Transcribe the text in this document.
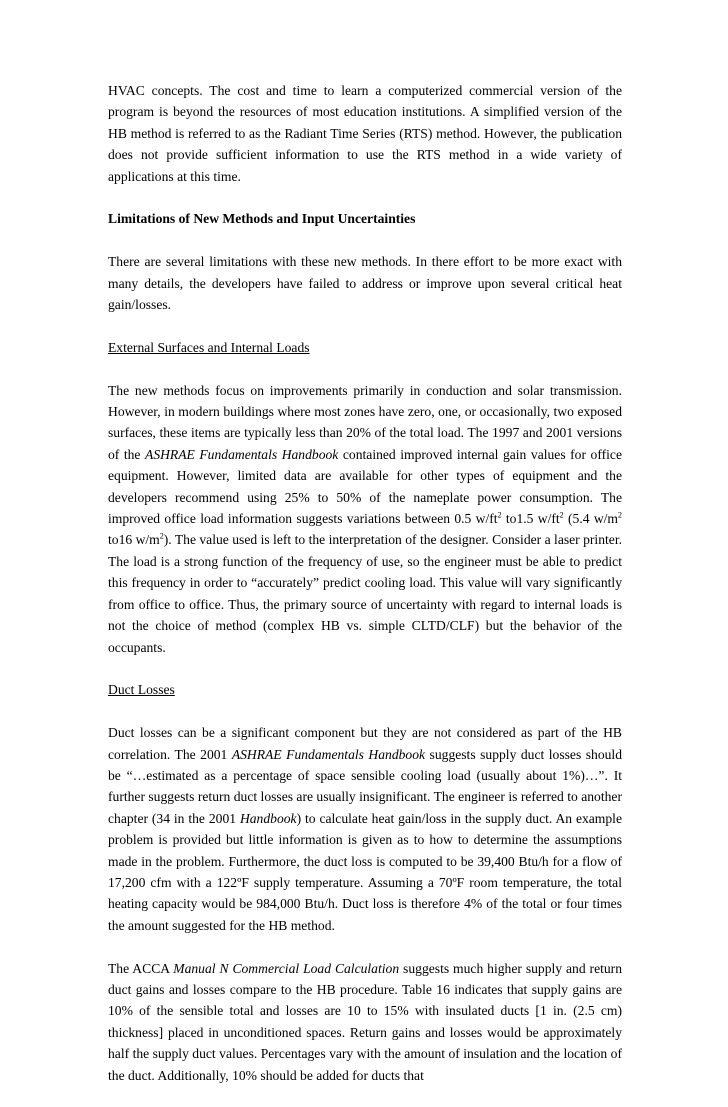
HVAC concepts. The cost and time to learn a computerized commercial version of the program is beyond the resources of most education institutions. A simplified version of the HB method is referred to as the Radiant Time Series (RTS) method. However, the publication does not provide sufficient information to use the RTS method in a wide variety of applications at this time.

Limitations of New Methods and Input Uncertainties

There are several limitations with these new methods. In there effort to be more exact with many details, the developers have failed to address or improve upon several critical heat gain/losses.

External Surfaces and Internal Loads

The new methods focus on improvements primarily in conduction and solar transmission. However, in modern buildings where most zones have zero, one, or occasionally, two exposed surfaces, these items are typically less than 20% of the total load. The 1997 and 2001 versions of the ASHRAE Fundamentals Handbook contained improved internal gain values for office equipment. However, limited data are available for other types of equipment and the developers recommend using 25% to 50% of the nameplate power consumption. The improved office load information suggests variations between 0.5 $w/ft^2$ to1.5 $w/ft^2$ (5.4 $w/m^2$ to16 $w/m^2$). The value used is left to the interpretation of the designer. Consider a laser printer. The load is a strong function of the frequency of use, so the engineer must be able to predict this frequency in order to “accurately” predict cooling load. This value will vary significantly from office to office. Thus, the primary source of uncertainty with regard to internal loads is not the choice of method (complex HB vs. simple CLTD/CLF) but the behavior of the occupants.

Duct Losses

Duct losses can be a significant component but they are not considered as part of the HB correlation. The 2001 ASHRAE Fundamentals Handbook suggests supply duct losses should be “…estimated as a percentage of space sensible cooling load (usually about 1%)…”. It further suggests return duct losses are usually insignificant. The engineer is referred to another chapter (34 in the 2001 Handbook) to calculate heat gain/loss in the supply duct. An example problem is provided but little information is given as to how to determine the assumptions made in the problem. Furthermore, the duct loss is computed to be 39,400 Btu/h for a flow of 17,200 cfm with a 122ºF supply temperature. Assuming a 70ºF room temperature, the total heating capacity would be 984,000 Btu/h. Duct loss is therefore 4% of the total or four times the amount suggested for the HB method.

The ACCA Manual N Commercial Load Calculation suggests much higher supply and return duct gains and losses compare to the HB procedure. Table 16 indicates that supply gains are 10% of the sensible total and losses are 10 to 15% with insulated ducts [1 in. (2.5 cm) thickness] placed in unconditioned spaces. Return gains and losses would be approximately half the supply duct values. Percentages vary with the amount of insulation and the location of the duct. Additionally, 10% should be added for ducts that
